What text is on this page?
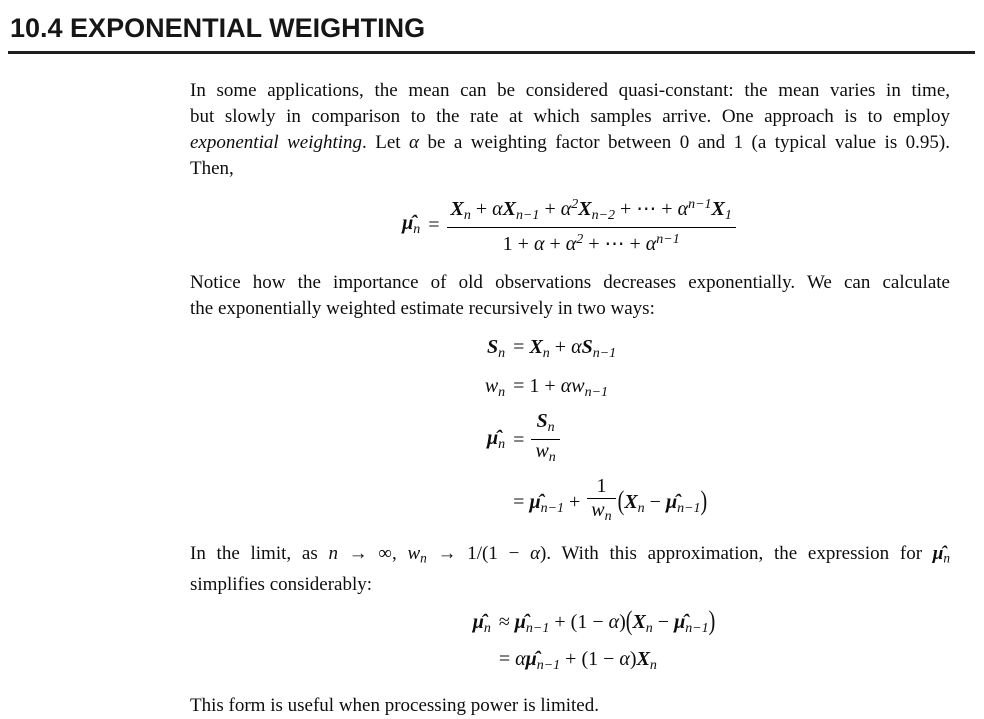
10.4 EXPONENTIAL WEIGHTING
In some applications, the mean can be considered quasi-constant: the mean varies in time,
but slowly in comparison to the rate at which samples arrive. One approach is to employ
exponential weighting. Let α be a weighting factor between 0 and 1 (a typical value is 0.95).
Then,
μ̂n	= $\frac{Xn + \alpha Xn-1 + \alpha^2Xn-2 + \cdots + \alpha^{n-1}X1}{1 + \alpha + \alpha^2 + \cdots + \alpha^{n-1}}$
Notice how the importance of old observations decreases exponentially. We can calculate
the exponentially weighted estimate recursively in two ways:
Sn	= Xn + αSn−1
wn	= 1 + αwn−1
μ̂n	= $\frac{Sn}{wn}$

	= μ̂n−1 + $\frac{1}{wn} (Xn$ − μ̂n−1)
In the limit, as n → ∞, wn → 1/(1 − α). With this approximation, the expression for μ̂n
simplifies considerably:
μ̂n	≈ μ̂n−1 + (1 − α)(Xn − μ̂n−1)
	= αμ̂n−1 + (1 − α)Xn
This form is useful when processing power is limited.
